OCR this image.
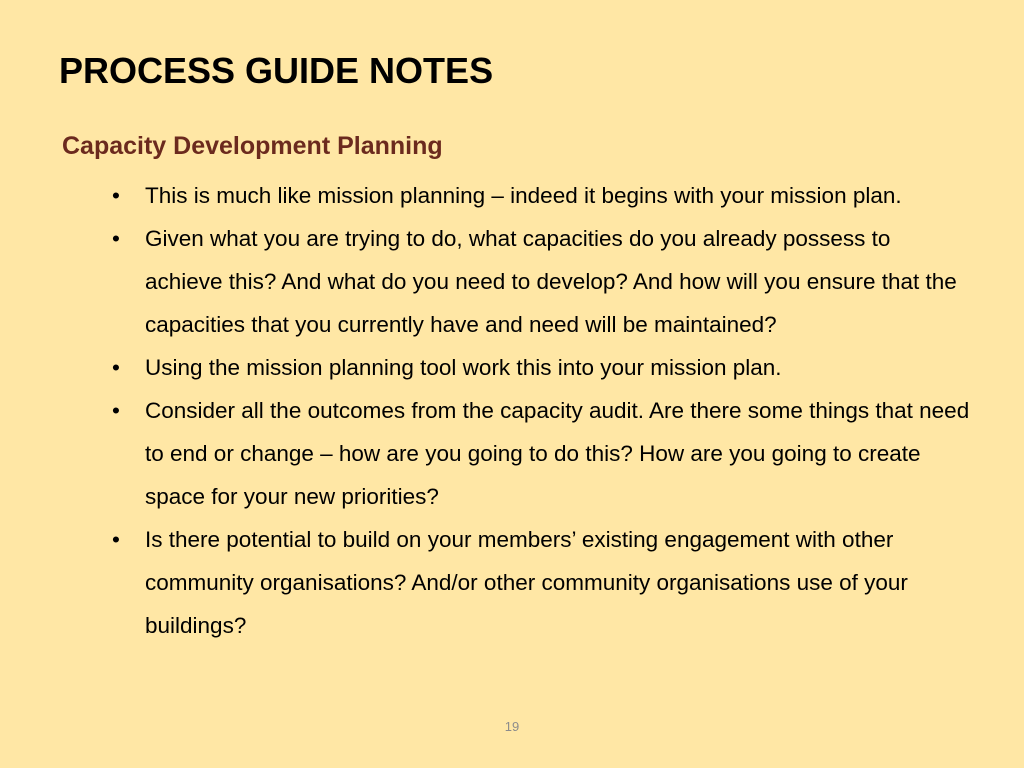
PROCESS GUIDE NOTES
Capacity Development Planning
• This is much like mission planning – indeed it begins with your mission plan.
• Given what you are trying to do, what capacities do you already possess to achieve this? And what do you need to develop? And how will you ensure that the capacities that you currently have and need will be maintained?
• Using the mission planning tool work this into your mission plan.
• Consider all the outcomes from the capacity audit. Are there some things that need to end or change – how are you going to do this? How are you going to create space for your new priorities?
• Is there potential to build on your members’ existing engagement with other community organisations? And/or other community organisations use of your buildings?
19
